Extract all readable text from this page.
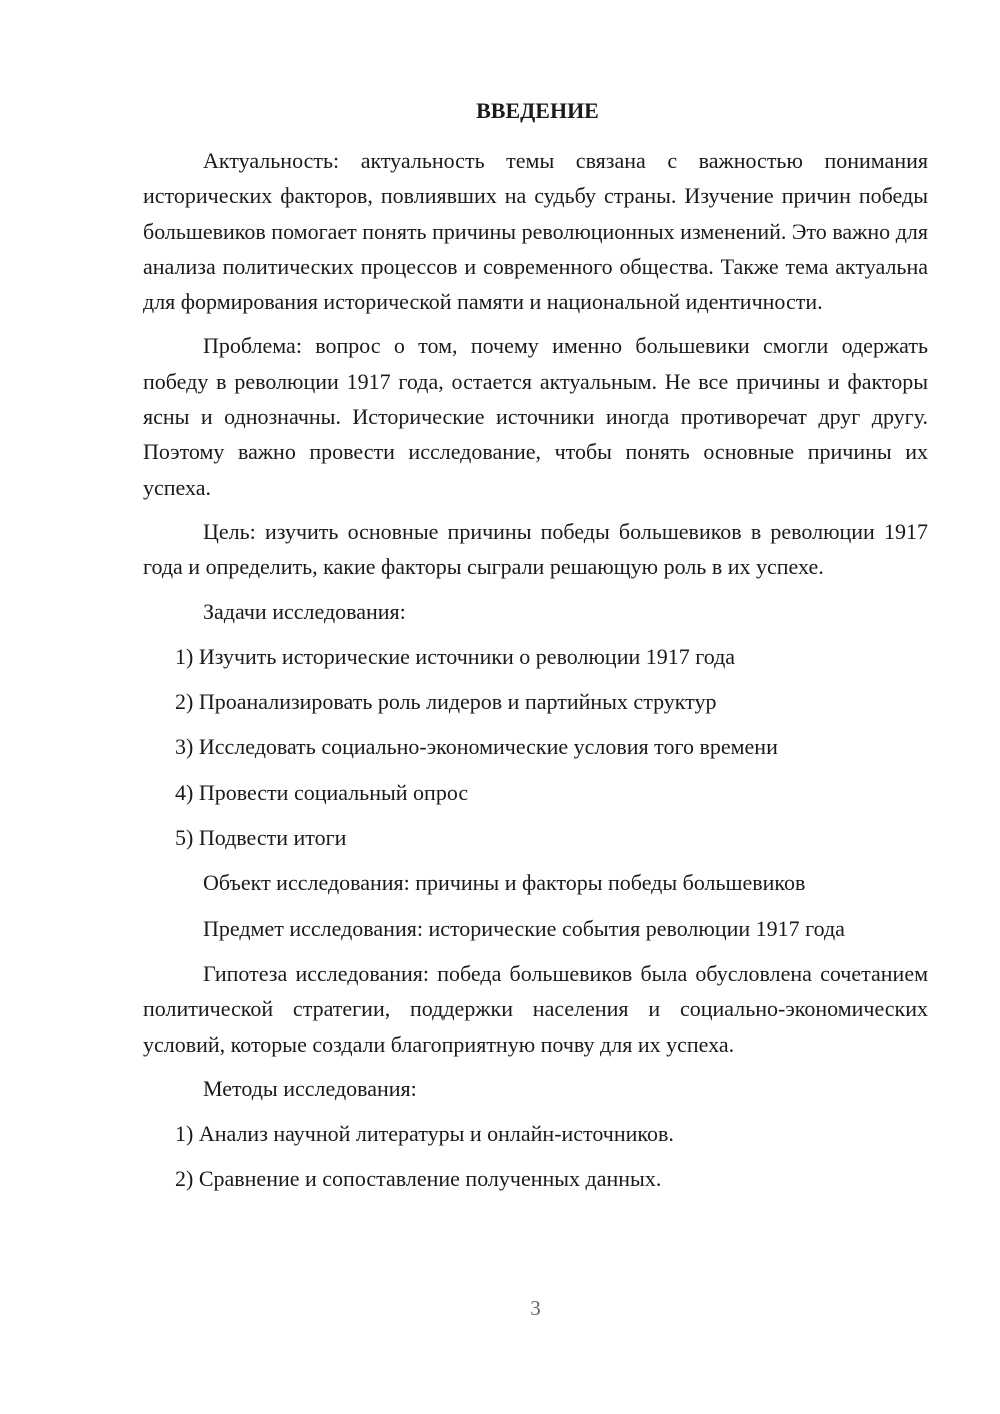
ВВЕДЕНИЕ

Актуальность: актуальность темы связана с важностью понимания исторических факторов, повлиявших на судьбу страны. Изучение причин победы большевиков помогает понять причины революционных изменений. Это важно для анализа политических процессов и современного общества. Также тема актуальна для формирования исторической памяти и национальной идентичности.

Проблема: вопрос о том, почему именно большевики смогли одержать победу в революции 1917 года, остается актуальным. Не все причины и факторы ясны и однозначны. Исторические источники иногда противоречат друг другу. Поэтому важно провести исследование, чтобы понять основные причины их успеха.

Цель: изучить основные причины победы большевиков в революции 1917 года и определить, какие факторы сыграли решающую роль в их успехе.

Задачи исследования:

1) Изучить исторические источники о революции 1917 года

2) Проанализировать роль лидеров и партийных структур

3) Исследовать социально-экономические условия того времени

4) Провести социальный опрос

5) Подвести итоги

Объект исследования: причины и факторы победы большевиков

Предмет исследования: исторические события революции 1917 года

Гипотеза исследования: победа большевиков была обусловлена сочетанием политической стратегии, поддержки населения и социально-экономических условий, которые создали благоприятную почву для их успеха.

Методы исследования:

1) Анализ научной литературы и онлайн-источников.

2) Сравнение и сопоставление полученных данных.

3
